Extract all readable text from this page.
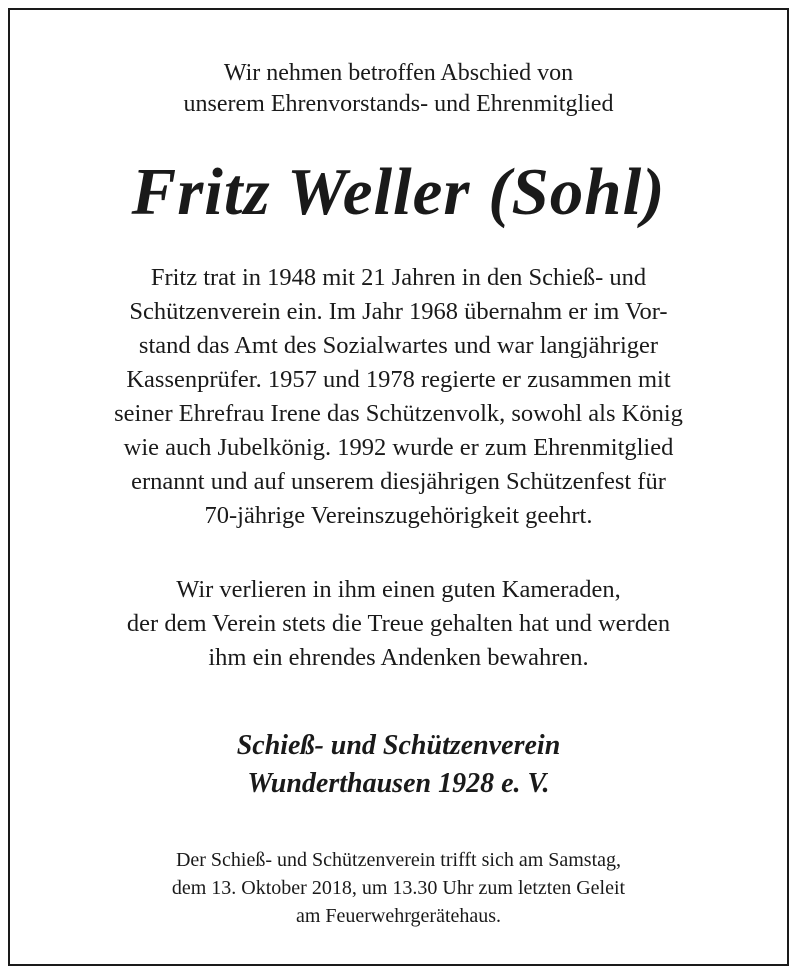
Wir nehmen betroffen Abschied von
unserem Ehrenvorstands- und Ehrenmitglied
Fritz Weller (Sohl)
Fritz trat in 1948 mit 21 Jahren in den Schieß- und
Schützenverein ein. Im Jahr 1968 übernahm er im Vor-
stand das Amt des Sozialwartes und war langjähriger
Kassenprüfer. 1957 und 1978 regierte er zusammen mit
seiner Ehrefrau Irene das Schützenvolk, sowohl als König
wie auch Jubelkönig. 1992 wurde er zum Ehrenmitglied
ernannt und auf unserem diesjährigen Schützenfest für
70-jährige Vereinszugehörigkeit geehrt.
Wir verlieren in ihm einen guten Kameraden,
der dem Verein stets die Treue gehalten hat und werden
ihm ein ehrendes Andenken bewahren.
Schieß- und Schützenverein
Wunderthausen 1928 e. V.
Der Schieß- und Schützenverein trifft sich am Samstag,
dem 13. Oktober 2018, um 13.30 Uhr zum letzten Geleit
am Feuerwehrgerätehaus.
